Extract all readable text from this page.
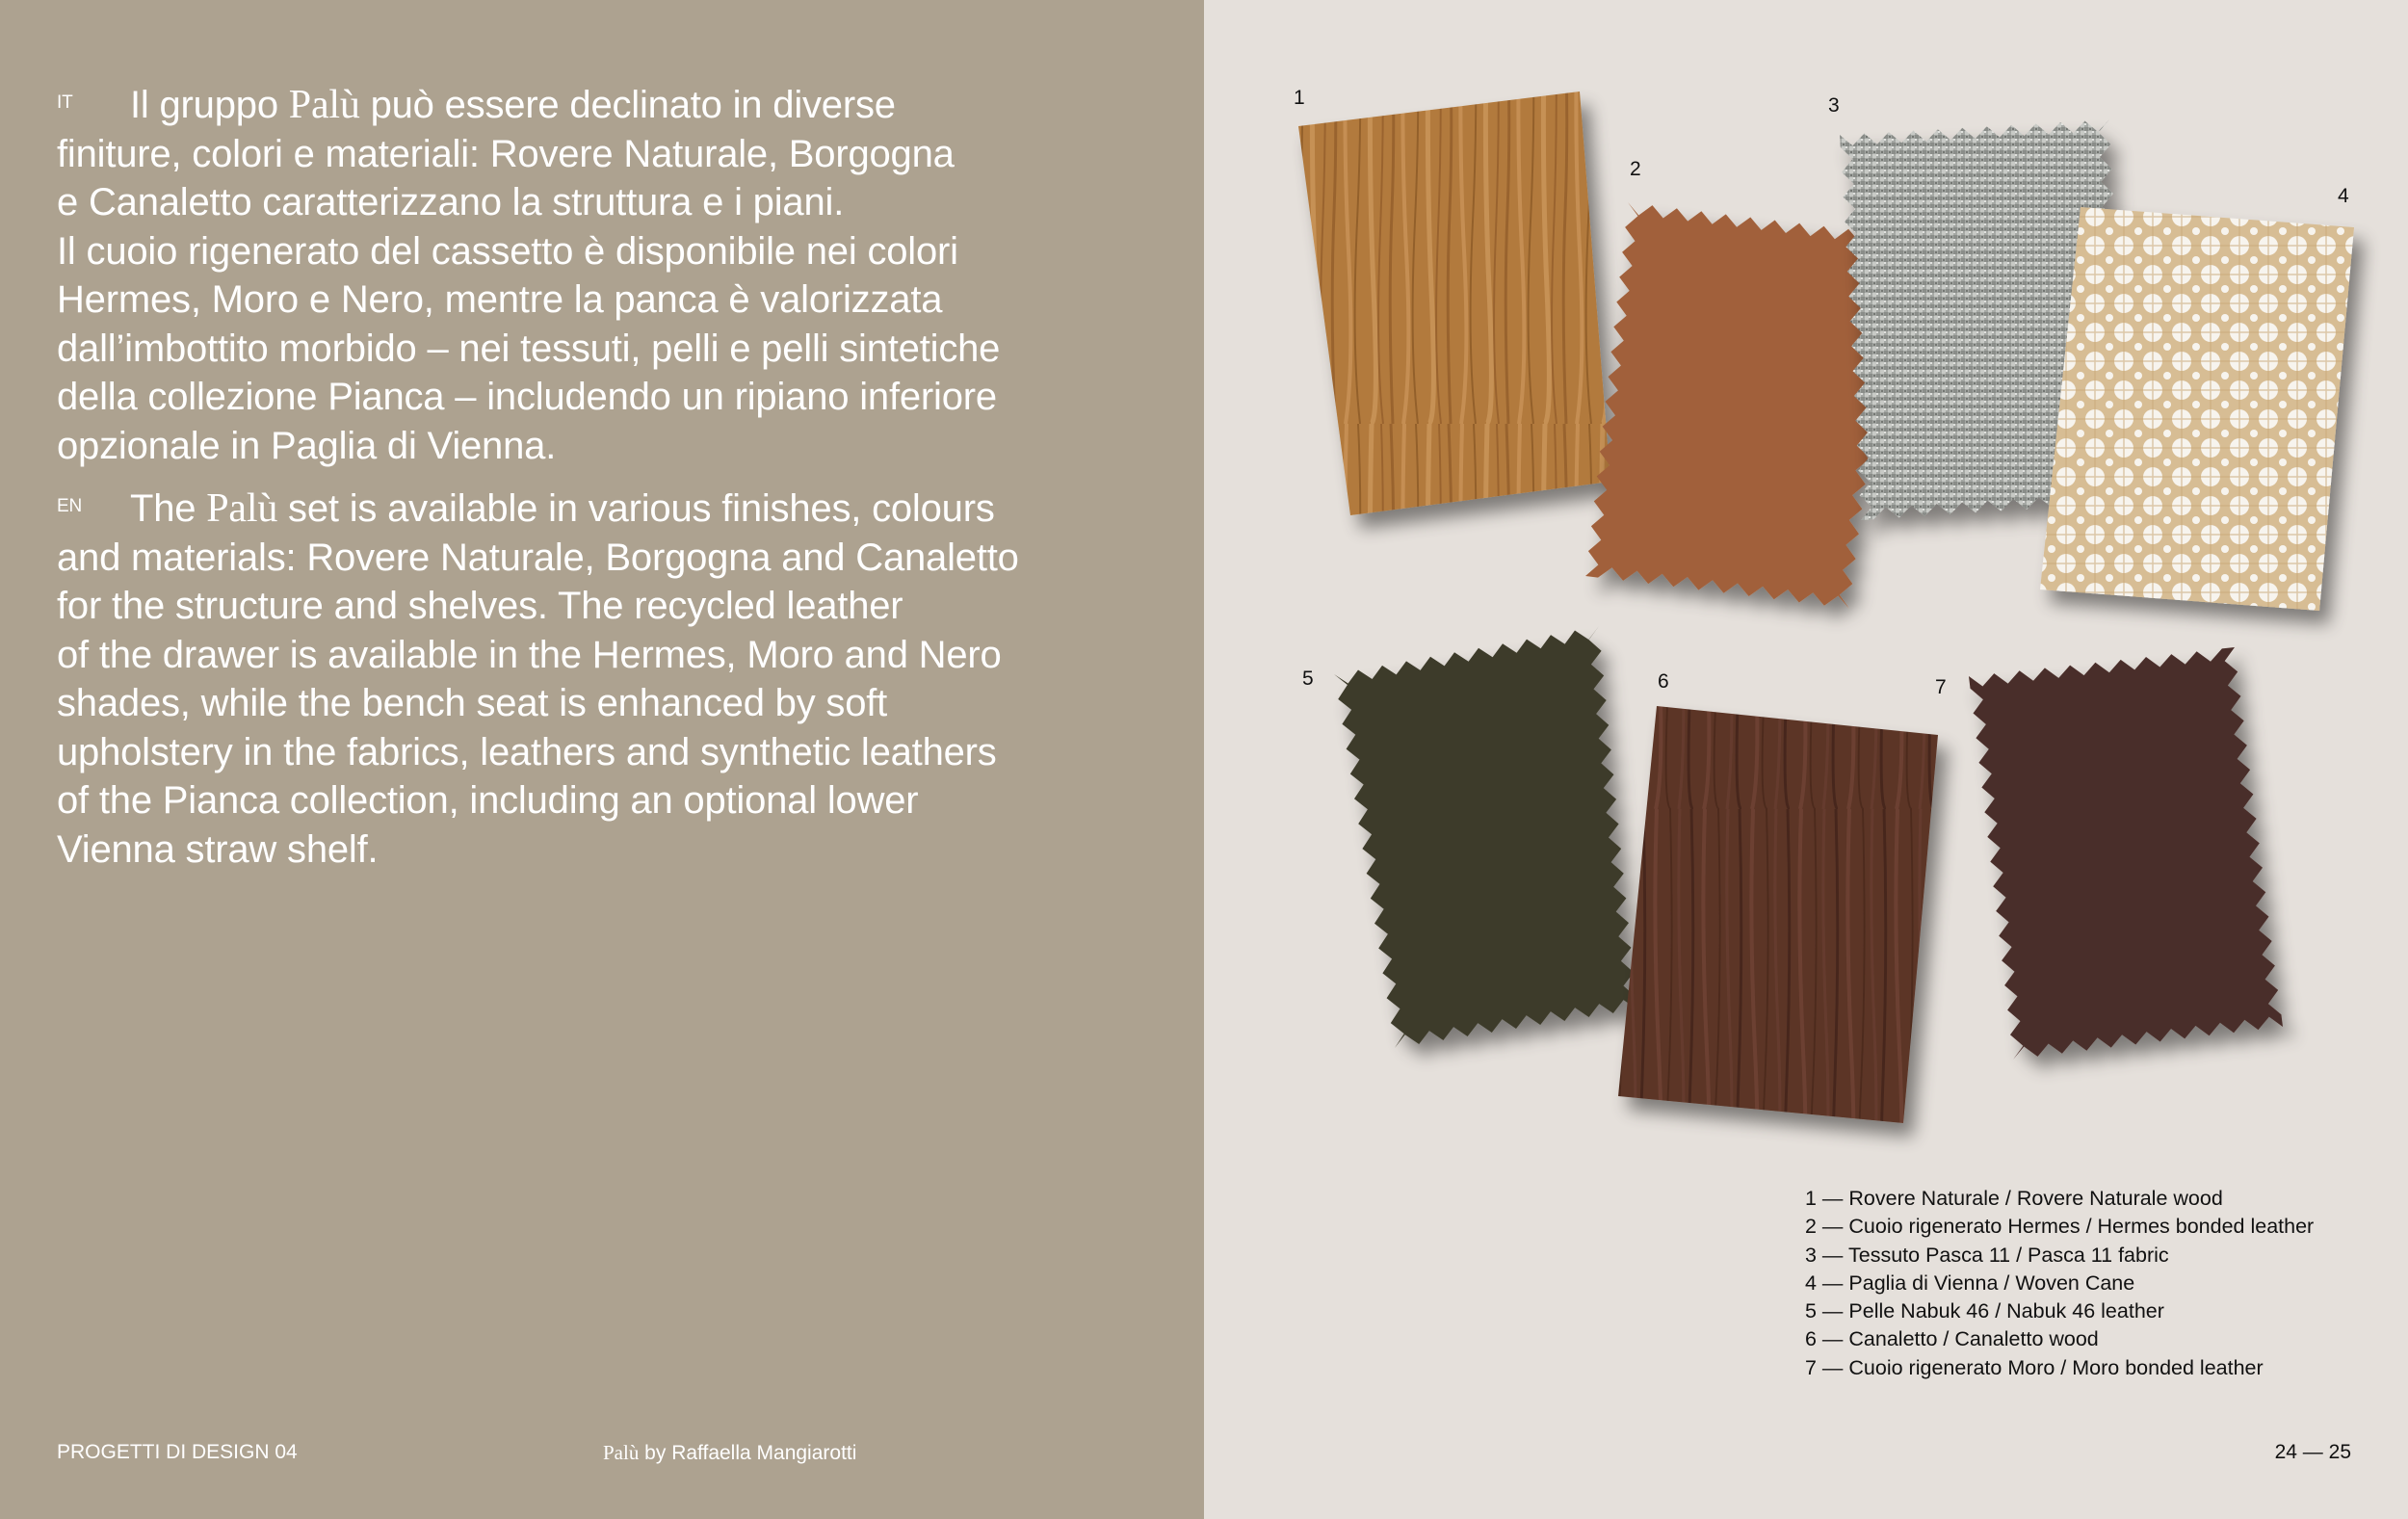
IT Il gruppo Palù può essere declinato in diverse
finiture, colori e materiali: Rovere Naturale, Borgogna
e Canaletto caratterizzano la struttura e i piani.
Il cuoio rigenerato del cassetto è disponibile nei colori
Hermes, Moro e Nero, mentre la panca è valorizzata
dall’imbottito morbido – nei tessuti, pelli e pelli sintetiche
della collezione Pianca – includendo un ripiano inferiore
opzionale in Paglia di Vienna.
EN The Palù set is available in various finishes, colours
and materials: Rovere Naturale, Borgogna and Canaletto
for the structure and shelves. The recycled leather
of the drawer is available in the Hermes, Moro and Nero
shades, while the bench seat is enhanced by soft
upholstery in the fabrics, leathers and synthetic leathers
of the Pianca collection, including an optional lower
Vienna straw shelf.
PROGETTI DI DESIGN 04	Palù by Raffaella Mangiarotti
1
2
3
4
5	6	7
1 — Rovere Naturale / Rovere Naturale wood
2 — Cuoio rigenerato Hermes / Hermes bonded leather
3 — Tessuto Pasca 11 / Pasca 11 fabric
4 — Paglia di Vienna / Woven Cane
5 — Pelle Nabuk 46 / Nabuk 46 leather
6 — Canaletto / Canaletto wood
7 — Cuoio rigenerato Moro / Moro bonded leather
24 — 25
